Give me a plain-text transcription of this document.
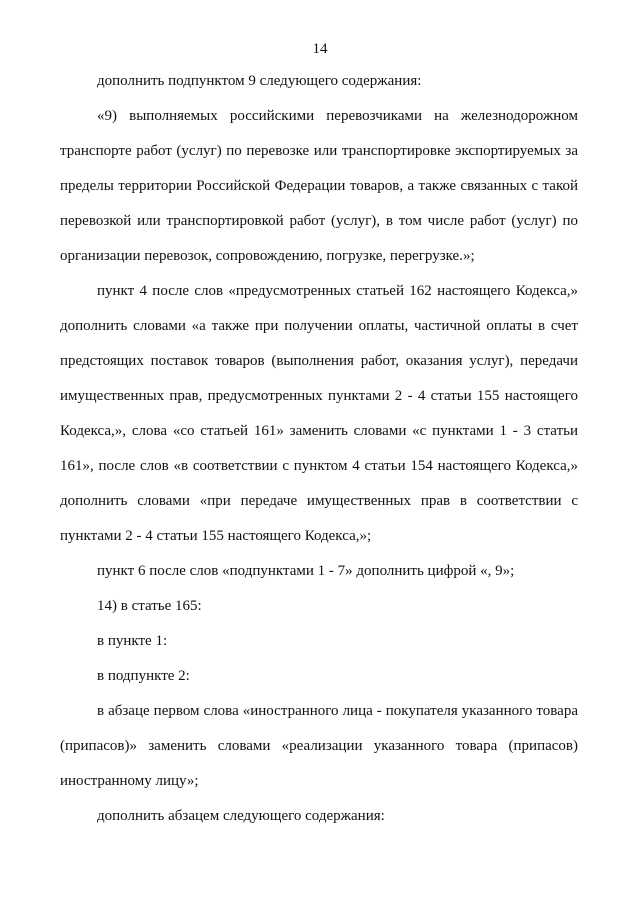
14

дополнить подпунктом 9 следующего содержания:

«9) выполняемых российскими перевозчиками на железнодорожном транспорте работ (услуг) по перевозке или транспортировке экспортируемых за пределы территории Российской Федерации товаров, а также связанных с такой перевозкой или транспортировкой работ (услуг), в том числе работ (услуг) по организации перевозок, сопровождению, погрузке, перегрузке.»;

пункт 4 после слов «предусмотренных статьей 162 настоящего Кодекса,» дополнить словами «а также при получении оплаты, частичной оплаты в счет предстоящих поставок товаров (выполнения работ, оказания услуг), передачи имущественных прав, предусмотренных пунктами 2 - 4 статьи 155 настоящего Кодекса,», слова «со статьей 161» заменить словами «с пунктами 1 - 3 статьи 161», после слов «в соответствии с пунктом 4 статьи 154 настоящего Кодекса,» дополнить словами «при передаче имущественных прав в соответствии с пунктами 2 - 4 статьи 155 настоящего Кодекса,»;

пункт 6 после слов «подпунктами 1 - 7» дополнить цифрой «, 9»;

14) в статье 165:

в пункте 1:

в подпункте 2:

в абзаце первом слова «иностранного лица - покупателя указанного товара (припасов)» заменить словами «реализации указанного товара (припасов) иностранному лицу»;

дополнить абзацем следующего содержания:
